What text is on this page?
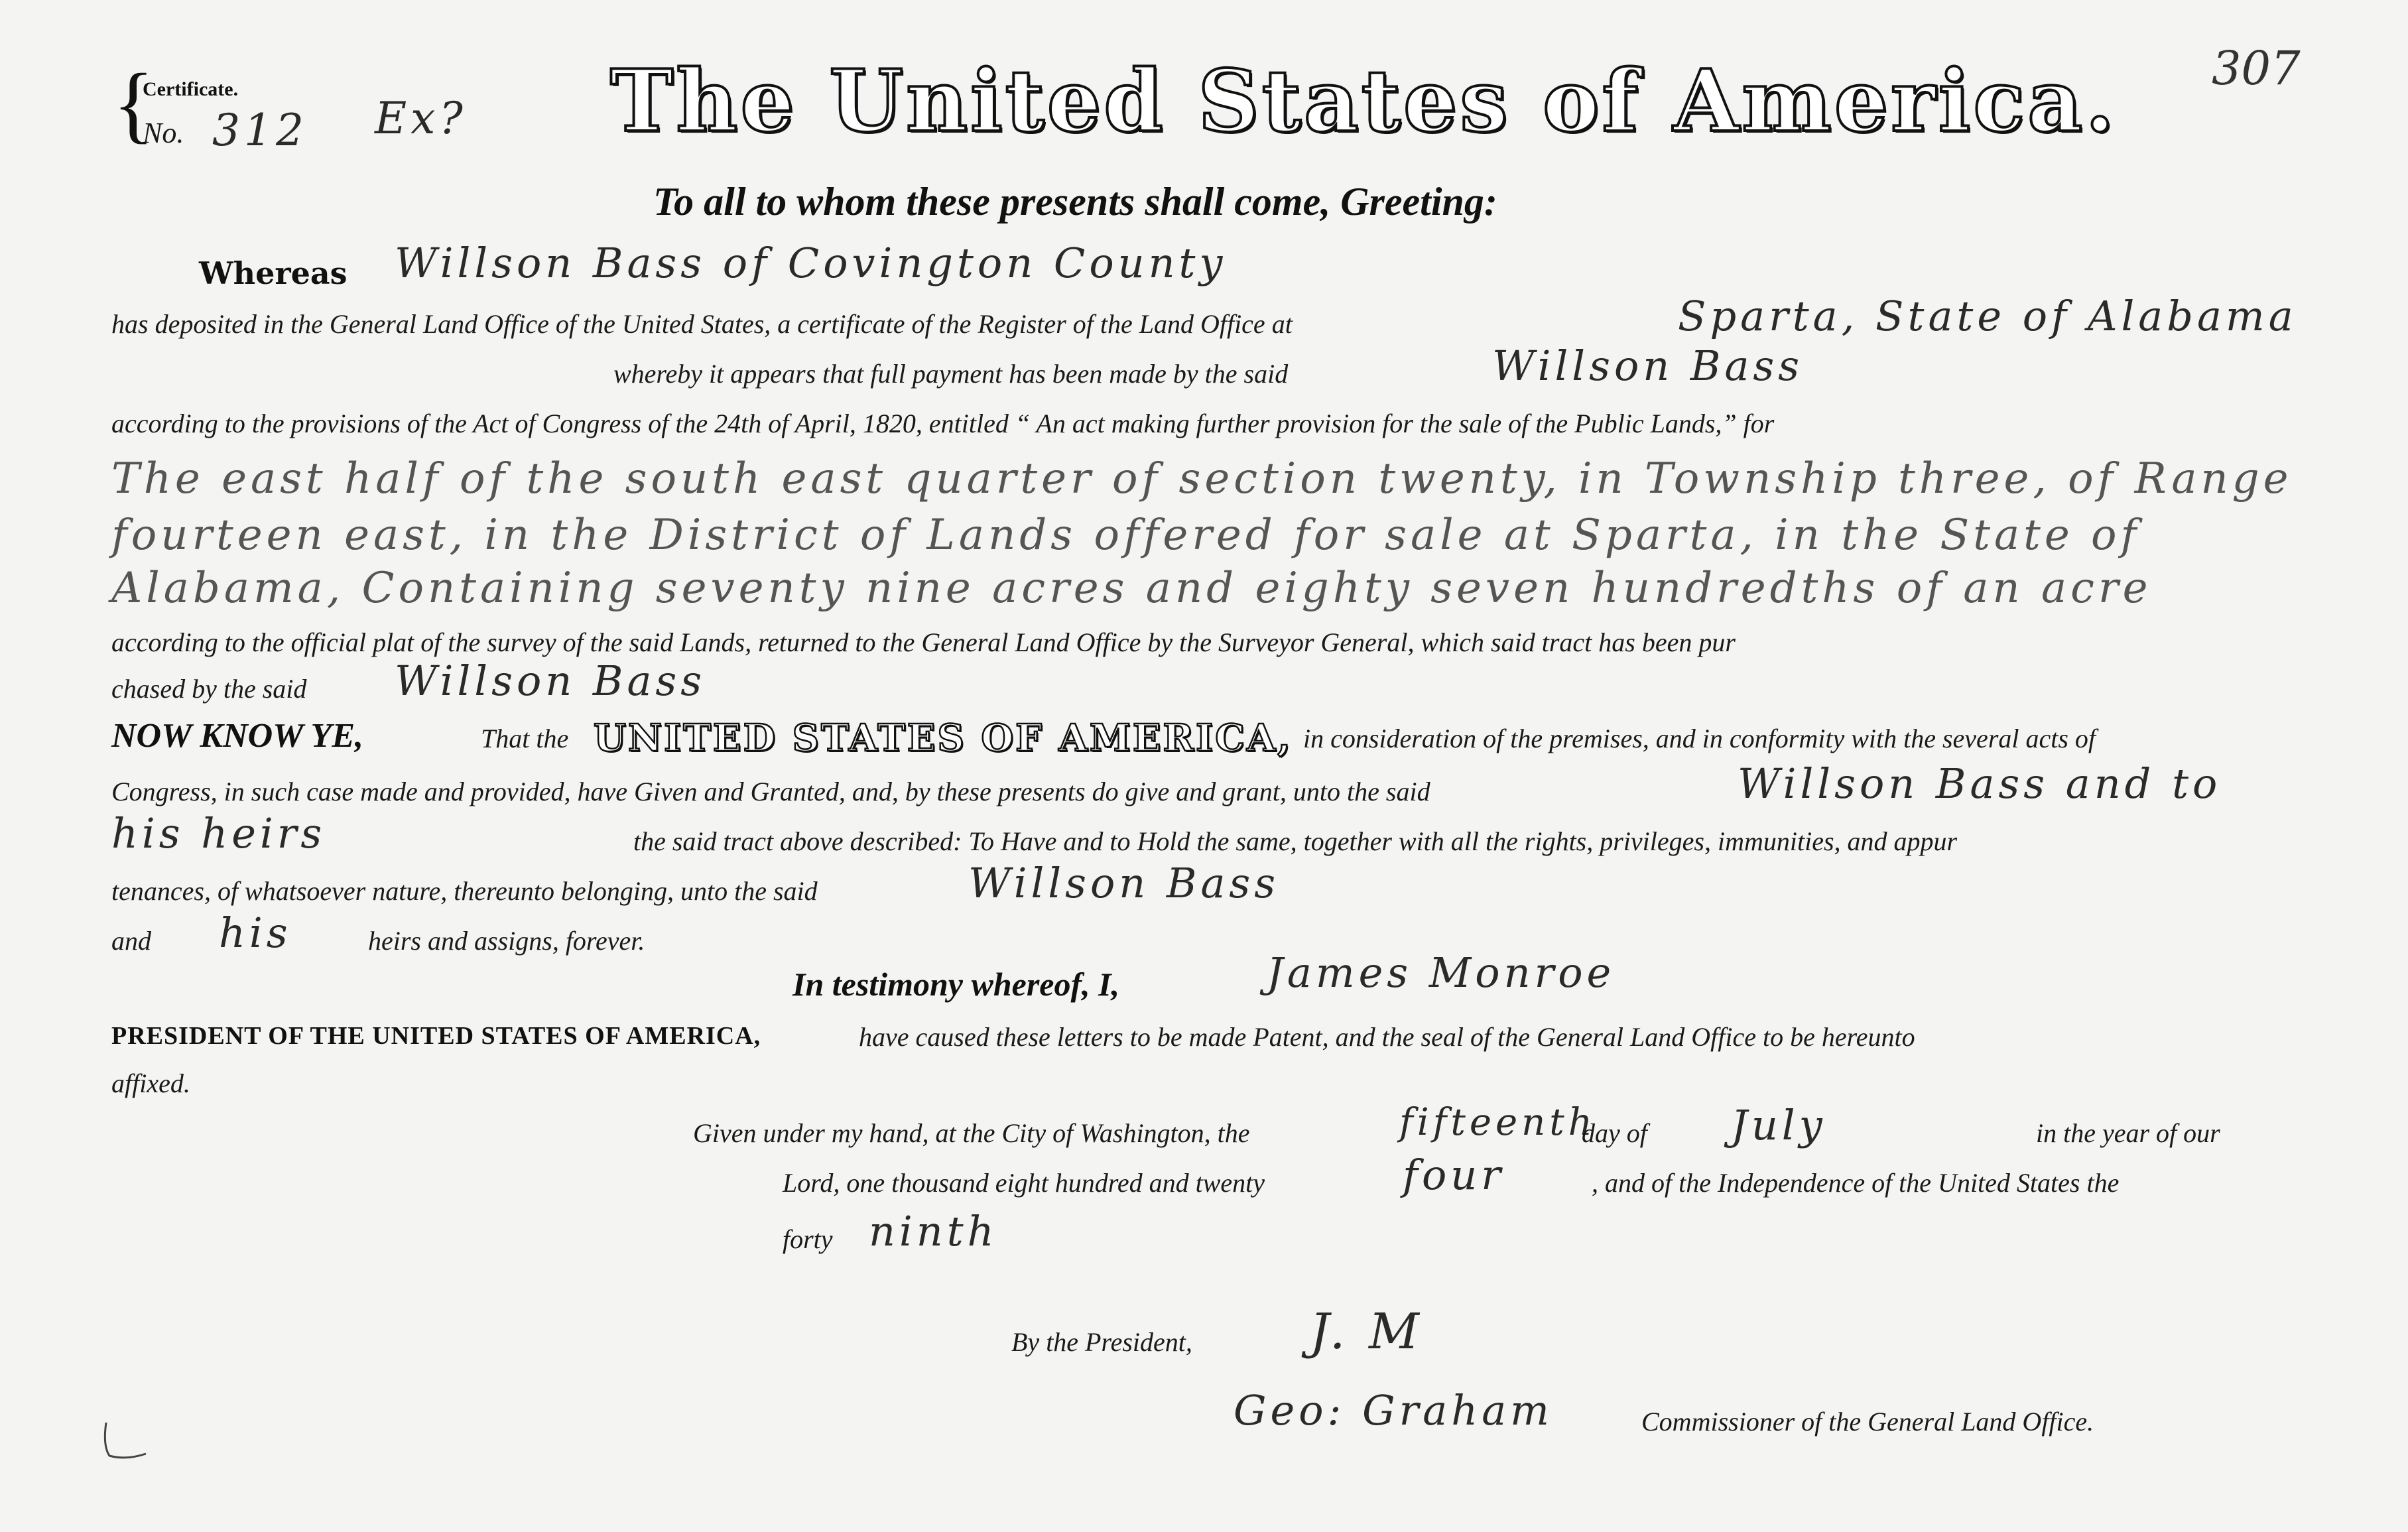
{
Certificate.
No. 312 Ex? The United States of America. 307
To all to whom these presents shall come, Greeting:
Whereas Willson Bass of Covington County
has deposited in the General Land Office of the United States, a certificate of the Register of the Land Office at	Sparta, State of Alabama
whereby it appears that full payment has been made by the said	Willson Bass
according to the provisions of the Act of Congress of the 24th of April, 1820, entitled “ An act making further provision for the sale of the Public Lands,” for
The east half of the south east quarter of section twenty, in Township three, of Range
fourteen east, in the District of Lands offered for sale at Sparta, in the State of
Alabama, Containing seventy nine acres and eighty seven hundredths of an acre
according to the official plat of the survey of the said Lands, returned to the General Land Office by the Surveyor General, which said tract has been pur
chased by the said Willson Bass
NOW KNOW YE,	That the UNITED STATES OF AMERICA, in consideration of the premises, and in conformity with the several acts of
Congress, in such case made and provided, have Given and Granted, and, by these presents do give and grant, unto the said	Willson Bass and to
his heirs	the said tract above described: To Have and to Hold the same, together with all the rights, privileges, immunities, and appur
tenances, of whatsoever nature, thereunto belonging, unto the said	Willson Bass
and his	heirs and assigns, forever.
In testimony whereof, I,	James Monroe
PRESIDENT OF THE UNITED STATES OF AMERICA,	have caused these letters to be made Patent, and the seal of the General Land Office to be hereunto
affixed.
Given under my hand, at the City of Washington, the	fifteenth
day of July	in the year of our
Lord, one thousand eight hundred and twenty	four	, and of the Independence of the United States the
forty ninth
By the President, J. M
Geo: Graham	Commissioner of the General Land Office.
